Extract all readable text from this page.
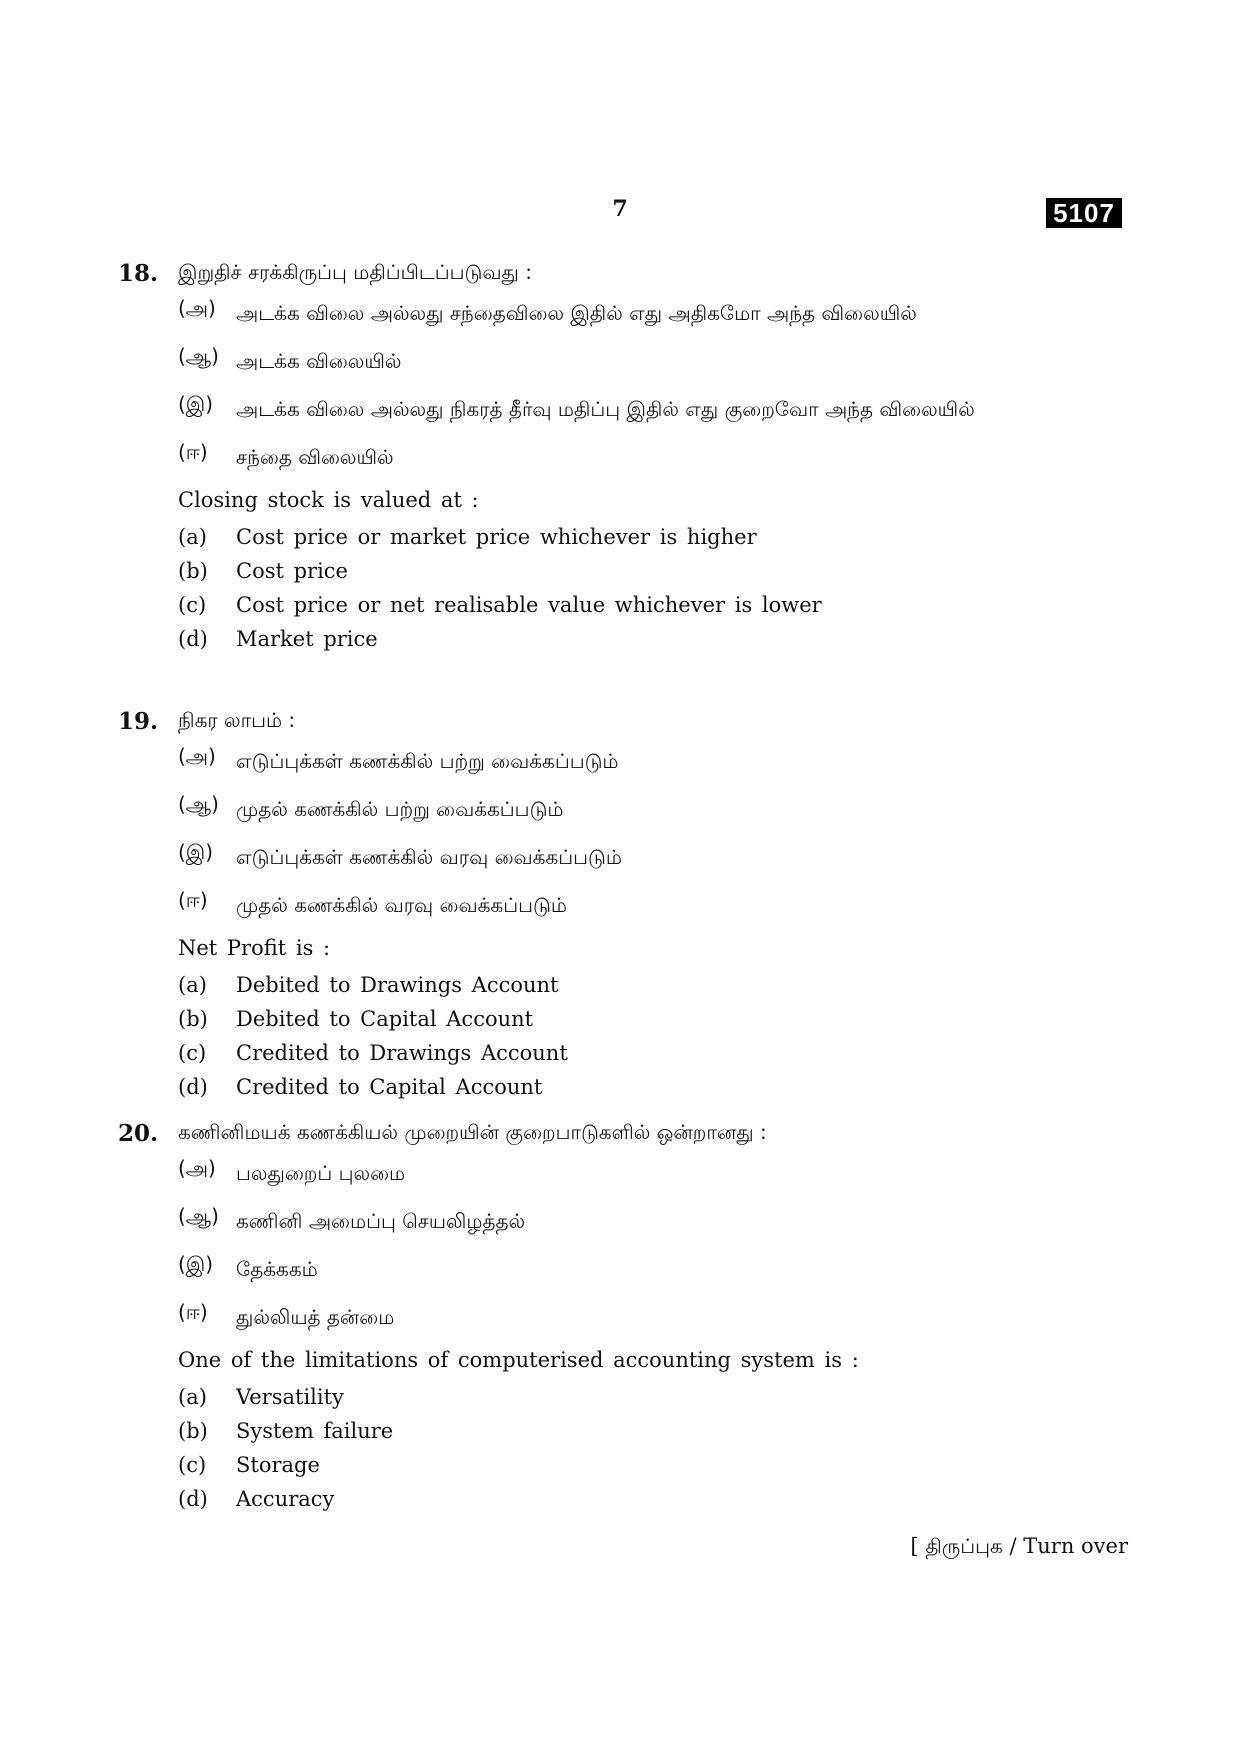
7	5107
18. இறுதிச் சரக்கிருப்பு மதிப்பிடப்படுவது :
(அ) அடக்க விலை அல்லது சந்தைவிலை இதில் எது அதிகமோ அந்த விலையில்
(ஆ) அடக்க விலையில்
(இ) அடக்க விலை அல்லது நிகரத் தீர்வு மதிப்பு இதில் எது குறைவோ அந்த விலையில்
(ஈ) சந்தை விலையில்
Closing stock is valued at :
(a) Cost price or market price whichever is higher
(b) Cost price
(c) Cost price or net realisable value whichever is lower
(d) Market price
19. நிகர லாபம் :
(அ) எடுப்புக்கள் கணக்கில் பற்று வைக்கப்படும்
(ஆ) முதல் கணக்கில் பற்று வைக்கப்படும்
(இ) எடுப்புக்கள் கணக்கில் வரவு வைக்கப்படும்
(ஈ) முதல் கணக்கில் வரவு வைக்கப்படும்
Net Profit is :
(a) Debited to Drawings Account
(b) Debited to Capital Account
(c) Credited to Drawings Account
(d) Credited to Capital Account
20. கணினிமயக் கணக்கியல் முறையின் குறைபாடுகளில் ஒன்றானது :
(அ) பலதுறைப் புலமை
(ஆ) கணினி அமைப்பு செயலிழத்தல்
(இ) தேக்ககம்
(ஈ) துல்லியத் தன்மை
One of the limitations of computerised accounting system is :
(a) Versatility
(b) System failure
(c) Storage
(d) Accuracy
[ திருப்புக / Turn over
